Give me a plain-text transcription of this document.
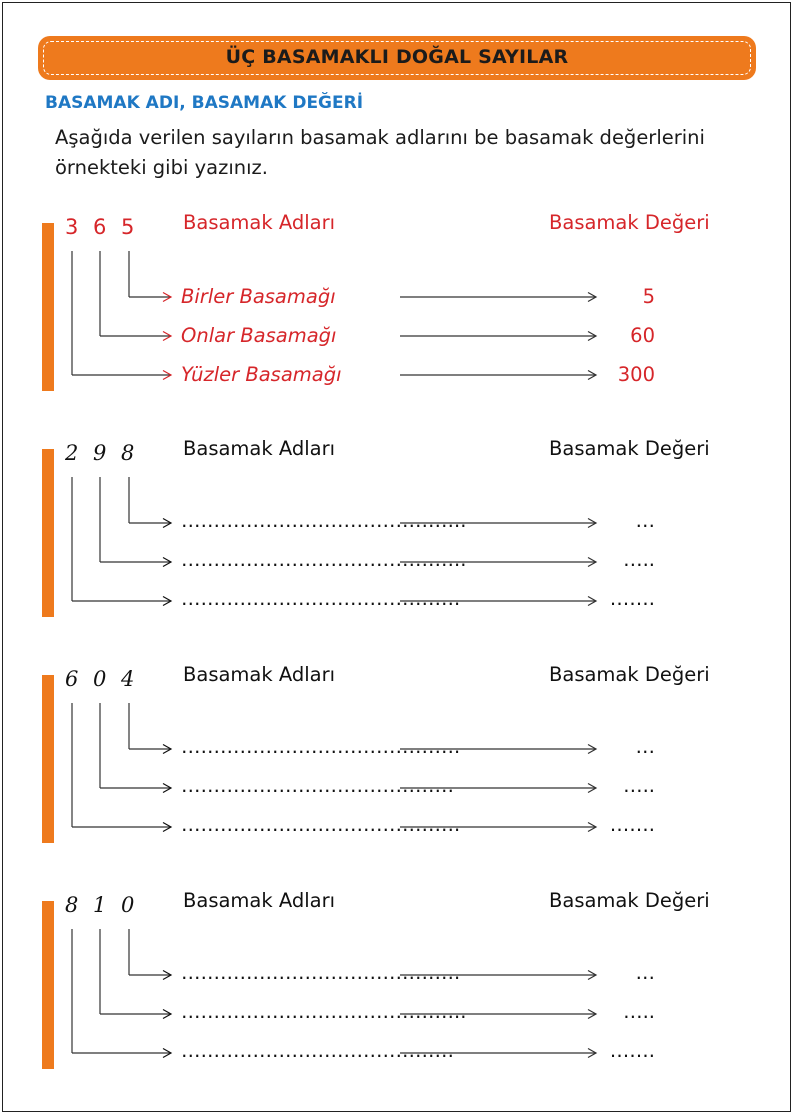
ÜÇ BASAMAKLI DOĞAL SAYILAR
BASAMAK ADI, BASAMAK DEĞERİ
Aşağıda verilen sayıların basamak adlarını be basamak değerlerini
örnekteki gibi yazınız.
3 6 5 Basamak Adları	Basamak Değeri
Birler Basamağı	5
Onlar Basamağı	60
Yüzler Basamağı	300
2 9 8 Basamak Adları	Basamak Değeri
……………………………………..	…
……………………………………..	…..
…………………………………….	…….
6 0 4 Basamak Adları	Basamak Değeri
…………………………………….	…
……………………………………	…..
…………………………………….	…….
8 1 0 Basamak Adları	Basamak Değeri
…………………………………….	…
……………………………………..	…..
……………………………………	…….
